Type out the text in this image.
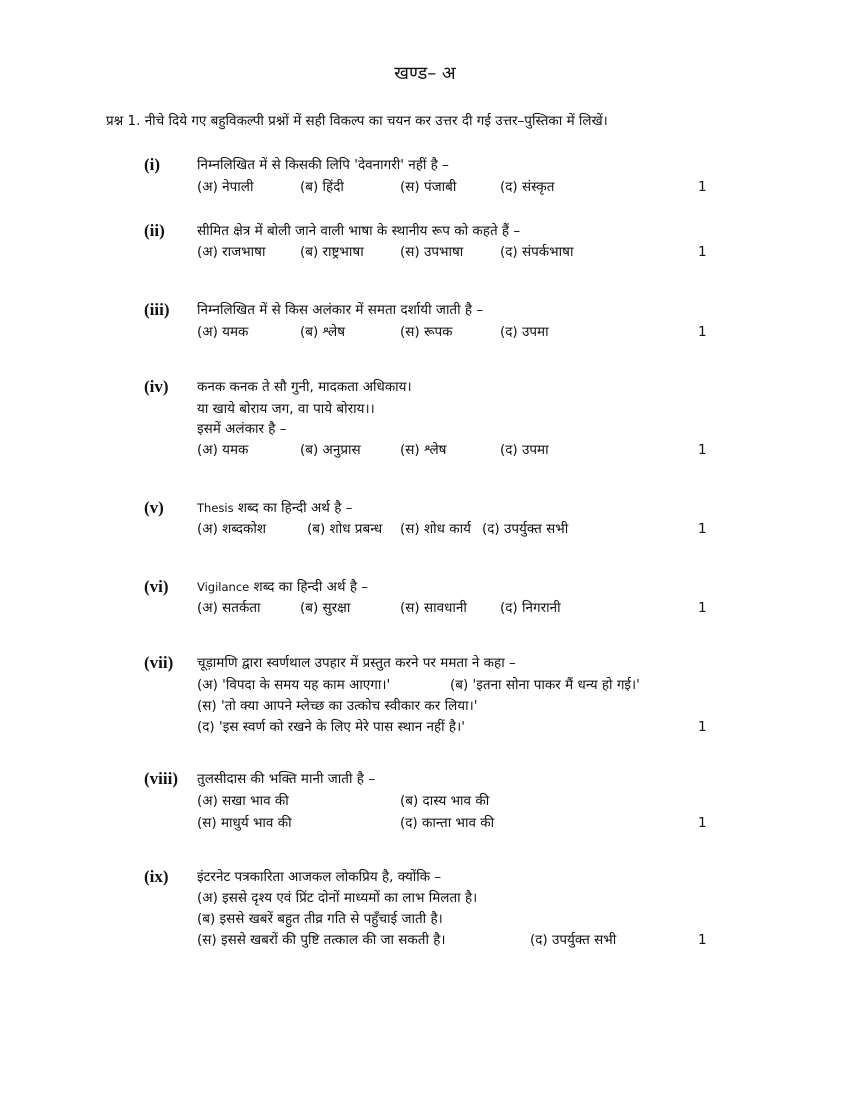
खण्ड– अ
प्रश्न 1. नीचे दिये गए बहुविकल्पी प्रश्नों में सही विकल्प का चयन कर उत्तर दी गई उत्तर–पुस्तिका में लिखें।
(i)	निम्नलिखित में से किसकी लिपि 'देवनागरी' नहीं है –
(अ) नेपाली	(ब) हिंदी	(स) पंजाबी	(द) संस्कृत	1
(ii) सीमित क्षेत्र में बोली जाने वाली भाषा के स्थानीय रूप को कहते हैं –
(अ) राजभाषा	(ब) राष्ट्रभाषा	(स) उपभाषा	(द) संपर्कभाषा	1
(iii) निम्नलिखित में से किस अलंकार में समता दर्शायी जाती है –
(अ) यमक	(ब) श्लेष	(स) रूपक	(द) उपमा	1
(iv) कनक कनक ते सौ गुनी, मादकता अधिकाय।
या खाये बोराय जग, वा पाये बोराय।।
इसमें अलंकार है –
(अ) यमक	(ब) अनुप्रास	(स) श्लेष	(द) उपमा	1
(v)	Thesis शब्द का हिन्दी अर्थ है –
(अ) शब्दकोश	(ब) शोध प्रबन्ध (स) शोध कार्य (द) उपर्युक्त सभी	1
(vi) Vigilance शब्द का हिन्दी अर्थ है –
(अ) सतर्कता	(ब) सुरक्षा	(स) सावधानी (द) निगरानी	1
(vii) चूड़ामणि द्वारा स्वर्णथाल उपहार में प्रस्तुत करने पर ममता ने कहा –
(अ) 'विपदा के समय यह काम आएगा।'	(ब) 'इतना सोना पाकर मैं धन्य हो गई।'
(स) 'तो क्या आपने म्लेच्छ का उत्कोच स्वीकार कर लिया।'
(द) 'इस स्वर्ण को रखने के लिए मेरे पास स्थान नहीं है।'	1
(viii) तुलसीदास की भक्ति मानी जाती है –
(अ) सखा भाव की	(ब) दास्य भाव की
(स) माधुर्य भाव की	(द) कान्ता भाव की	1
(ix) इंटरनेट पत्रकारिता आजकल लोकप्रिय है, क्योंकि –
(अ) इससे दृश्य एवं प्रिंट दोनों माध्यमों का लाभ मिलता है।
(ब) इससे खबरें बहुत तीव्र गति से पहुँचाई जाती है।
(स) इससे खबरों की पुष्टि तत्काल की जा सकती है।	(द) उपर्युक्त सभी	1
